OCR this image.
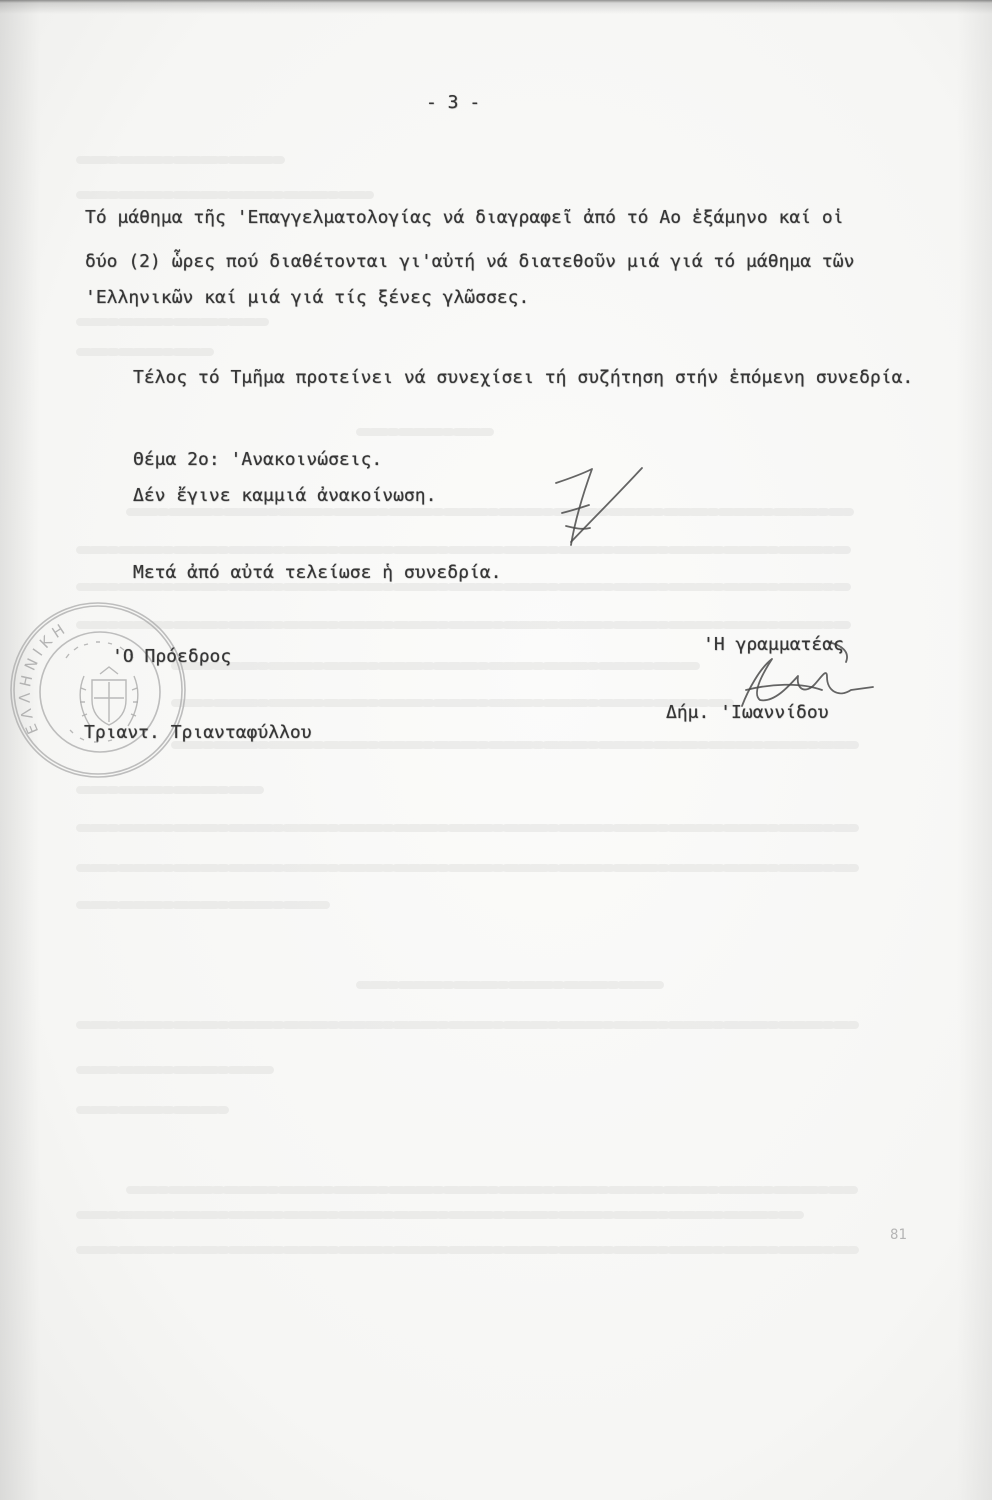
ΕΛΛΗΝΙΚΗ

- 3 -

Τό μάθημα τῆς 'Επαγγελματολογίας νά διαγραφεῖ ἀπό τό Αο ἑξάμηνο καί οἱ

δύο (2) ὧρες πού διαθέτονται γι'αὐτή νά διατεθοῦν μιά γιά τό μάθημα τῶν

'Ελληνικῶν καί μιά γιά τίς ξένες γλῶσσες.

Τέλος τό Τμῆμα προτείνει νά συνεχίσει τή συζήτηση στήν ἑπόμενη συνεδρία.

Θέμα 2ο: 'Ανακοινώσεις.

Δέν ἔγινε καμμιά ἀνακοίνωση.

Μετά ἀπό αὐτά τελείωσε ἡ συνεδρία.

'Ο Πρόεδρος

'Η γραμματέας

Δήμ. 'Ιωαννίδου

Τριαντ. Τριανταφύλλου

81
